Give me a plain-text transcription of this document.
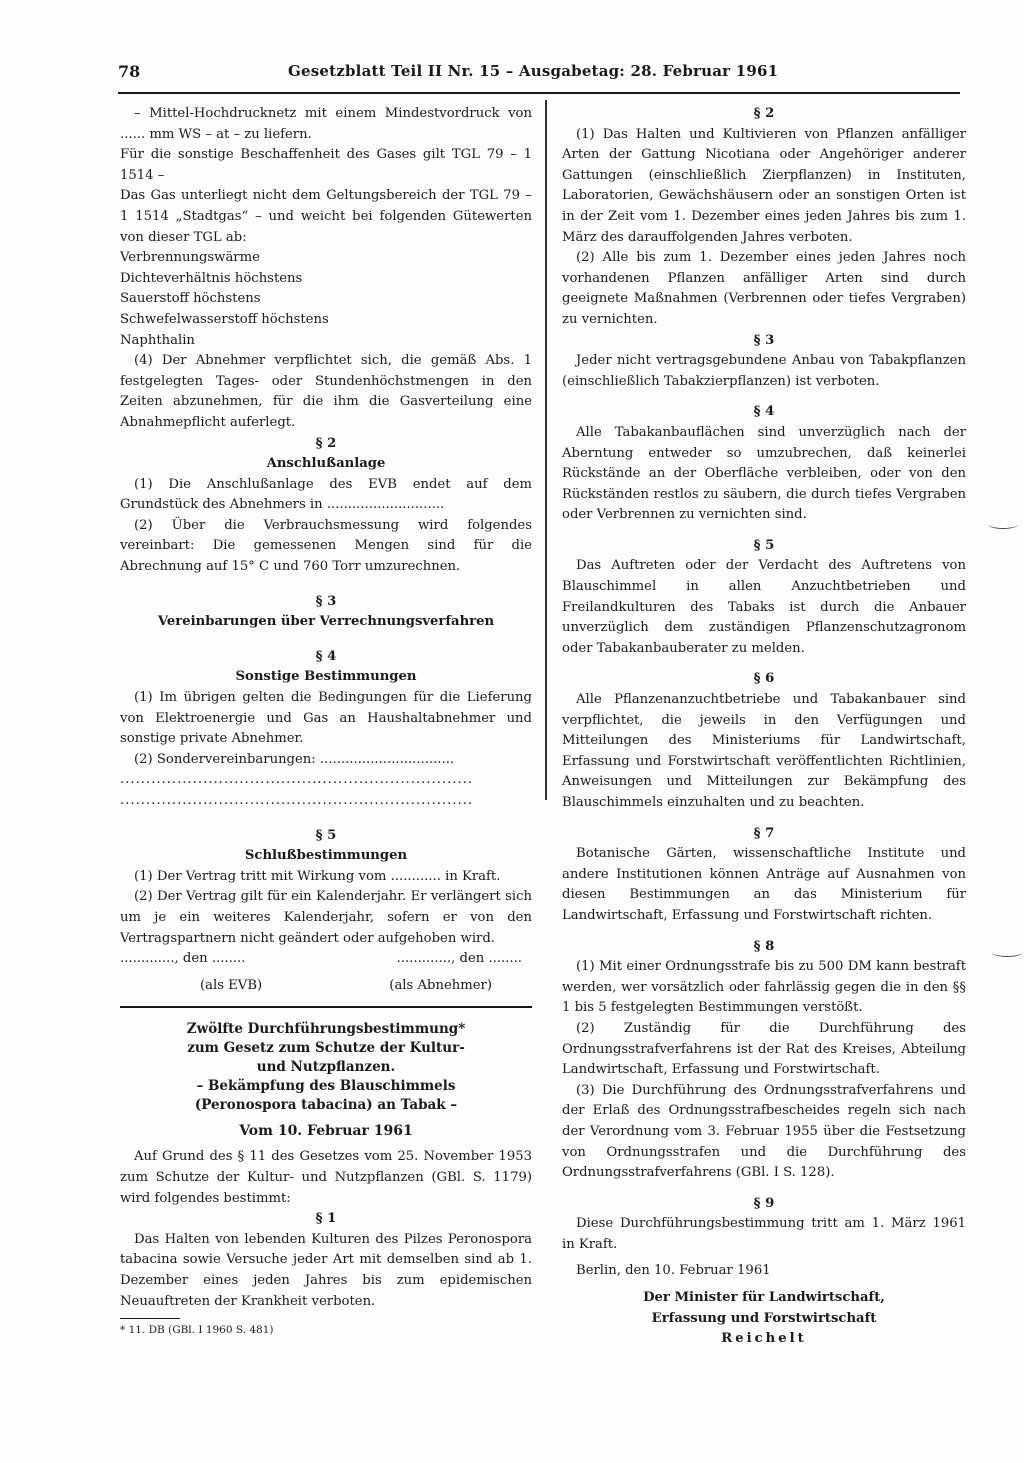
78	Gesetzblatt Teil II Nr. 15 – Ausgabetag: 28. Februar 1961

– Mittel-Hochdrucknetz mit einem Mindestvordruck von ...... mm WS – at – zu liefern.

Für die sonstige Beschaffenheit des Gases gilt TGL 79 – 1 1514 –

Das Gas unterliegt nicht dem Geltungsbereich der TGL 79 – 1 1514 „Stadtgas“ – und weicht bei folgenden Gütewerten von dieser TGL ab:

Verbrennungswärme

Dichteverhältnis höchstens

Sauerstoff höchstens

Schwefelwasserstoff höchstens

Naphthalin

(4) Der Abnehmer verpflichtet sich, die gemäß Abs. 1 festgelegten Tages- oder Stundenhöchstmengen in den Zeiten abzunehmen, für die ihm die Gasverteilung eine Abnahmepflicht auferlegt.

§ 2

Anschlußanlage

(1) Die Anschlußanlage des EVB endet auf dem Grundstück des Abnehmers in ............................

(2) Über die Verbrauchsmessung wird folgendes vereinbart: Die gemessenen Mengen sind für die Abrechnung auf 15° C und 760 Torr umzurechnen.

§ 3

Vereinbarungen über Verrechnungsverfahren

§ 4

Sonstige Bestimmungen

(1) Im übrigen gelten die Bedingungen für die Lieferung von Elektroenergie und Gas an Haushaltabnehmer und sonstige private Abnehmer.

(2) Sondervereinbarungen: ................................

....................................................................

....................................................................

§ 5

Schlußbestimmungen

(1) Der Vertrag tritt mit Wirkung vom ............ in Kraft.

(2) Der Vertrag gilt für ein Kalenderjahr. Er verlängert sich um je ein weiteres Kalenderjahr, sofern er von den Vertragspartnern nicht geändert oder aufgehoben wird.

............., den ........	............., den ........
(als EVB)	(als Abnehmer)
Zwölfte Durchführungsbestimmung*
zum Gesetz zum Schutze der Kultur- und Nutzpflanzen.
– Bekämpfung des Blauschimmels (Peronospora tabacina) an Tabak –

Vom 10. Februar 1961

Auf Grund des § 11 des Gesetzes vom 25. November 1953 zum Schutze der Kultur- und Nutzpflanzen (GBl. S. 1179) wird folgendes bestimmt:

§ 1

Das Halten von lebenden Kulturen des Pilzes Peronospora tabacina sowie Versuche jeder Art mit demselben sind ab 1. Dezember eines jeden Jahres bis zum epidemischen Neuauftreten der Krankheit verboten.

* 11. DB (GBl. I 1960 S. 481)

§ 2

(1) Das Halten und Kultivieren von Pflanzen anfälliger Arten der Gattung Nicotiana oder Angehöriger anderer Gattungen (einschließlich Zierpflanzen) in Instituten, Laboratorien, Gewächshäusern oder an sonstigen Orten ist in der Zeit vom 1. Dezember eines jeden Jahres bis zum 1. März des darauffolgenden Jahres verboten.

(2) Alle bis zum 1. Dezember eines jeden Jahres noch vorhandenen Pflanzen anfälliger Arten sind durch geeignete Maßnahmen (Verbrennen oder tiefes Vergraben) zu vernichten.

§ 3

Jeder nicht vertragsgebundene Anbau von Tabakpflanzen (einschließlich Tabakzierpflanzen) ist verboten.

§ 4

Alle Tabakanbauflächen sind unverzüglich nach der Aberntung entweder so umzubrechen, daß keinerlei Rückstände an der Oberfläche verbleiben, oder von den Rückständen restlos zu säubern, die durch tiefes Vergraben oder Verbrennen zu vernichten sind.

§ 5

Das Auftreten oder der Verdacht des Auftretens von Blauschimmel in allen Anzuchtbetrieben und Freilandkulturen des Tabaks ist durch die Anbauer unverzüglich dem zuständigen Pflanzenschutzagronom oder Tabakanbauberater zu melden.

§ 6

Alle Pflanzenanzuchtbetriebe und Tabakanbauer sind verpflichtet, die jeweils in den Verfügungen und Mitteilungen des Ministeriums für Landwirtschaft, Erfassung und Forstwirtschaft veröffentlichten Richtlinien, Anweisungen und Mitteilungen zur Bekämpfung des Blauschimmels einzuhalten und zu beachten.

§ 7

Botanische Gärten, wissenschaftliche Institute und andere Institutionen können Anträge auf Ausnahmen von diesen Bestimmungen an das Ministerium für Landwirtschaft, Erfassung und Forstwirtschaft richten.

§ 8

(1) Mit einer Ordnungsstrafe bis zu 500 DM kann bestraft werden, wer vorsätzlich oder fahrlässig gegen die in den §§ 1 bis 5 festgelegten Bestimmungen verstößt.

(2) Zuständig für die Durchführung des Ordnungsstrafverfahrens ist der Rat des Kreises, Abteilung Landwirtschaft, Erfassung und Forstwirtschaft.

(3) Die Durchführung des Ordnungsstrafverfahrens und der Erlaß des Ordnungsstrafbescheides regeln sich nach der Verordnung vom 3. Februar 1955 über die Festsetzung von Ordnungsstrafen und die Durchführung des Ordnungsstrafverfahrens (GBl. I S. 128).

§ 9

Diese Durchführungsbestimmung tritt am 1. März 1961 in Kraft.

Berlin, den 10. Februar 1961

Der Minister für Landwirtschaft,

Erfassung und Forstwirtschaft

Reichelt
